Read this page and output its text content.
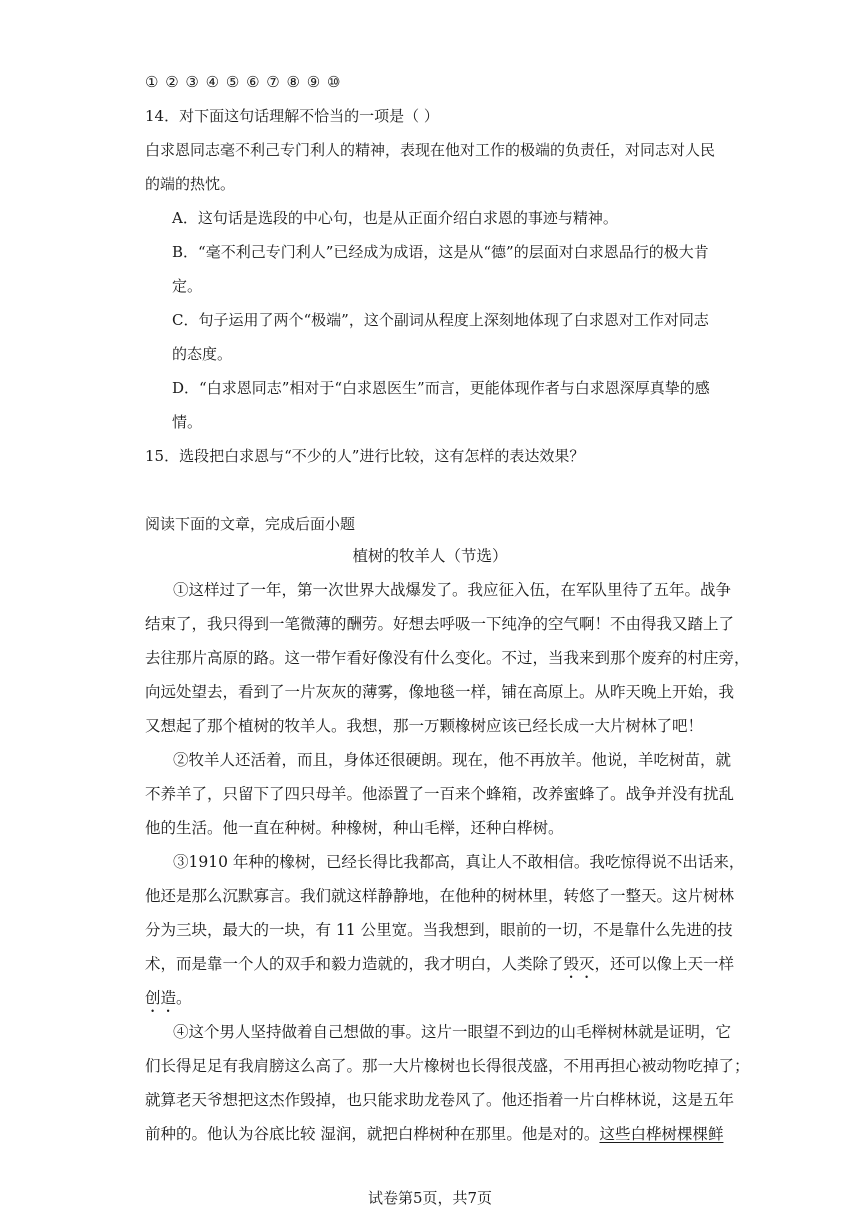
① ② ③ ④ ⑤ ⑥ ⑦ ⑧ ⑨ ⑩
14．对下面这句话理解不恰当的一项是（ ）
白求恩同志毫不利己专门利人的精神，表现在他对工作的极端的负责任，对同志对人民
的端的热忱。
A．这句话是选段的中心句，也是从正面介绍白求恩的事迹与精神。
B．“毫不利己专门利人”已经成为成语，这是从“德”的层面对白求恩品行的极大肯
定。
C．句子运用了两个“极端”，这个副词从程度上深刻地体现了白求恩对工作对同志
的态度。
D．“白求恩同志”相对于“白求恩医生”而言，更能体现作者与白求恩深厚真挚的感
情。
15．选段把白求恩与“不少的人”进行比较，这有怎样的表达效果？
阅读下面的文章，完成后面小题
植树的牧羊人（节选）
①这样过了一年，第一次世界大战爆发了。我应征入伍，在军队里待了五年。战争
结束了，我只得到一笔微薄的酬劳。好想去呼吸一下纯净的空气啊！不由得我又踏上了
去往那片高原的路。这一带乍看好像没有什么变化。不过，当我来到那个废弃的村庄旁，
向远处望去，看到了一片灰灰的薄雾，像地毯一样，铺在高原上。从昨天晚上开始，我
又想起了那个植树的牧羊人。我想，那一万颗橡树应该已经长成一大片树林了吧！
②牧羊人还活着，而且，身体还很硬朗。现在，他不再放羊。他说，羊吃树苗，就
不养羊了，只留下了四只母羊。他添置了一百来个蜂箱，改养蜜蜂了。战争并没有扰乱
他的生活。他一直在种树。种橡树，种山毛榉，还种白桦树。
③1910 年种的橡树，已经长得比我都高，真让人不敢相信。我吃惊得说不出话来，
他还是那么沉默寡言。我们就这样静静地，在他种的树林里，转悠了一整天。这片树林
分为三块，最大的一块，有 11 公里宽。当我想到，眼前的一切，不是靠什么先进的技
术，而是靠一个人的双手和毅力造就的，我才明白，人类除了毁灭，还可以像上天一样
创造。
④这个男人坚持做着自己想做的事。这片一眼望不到边的山毛榉树林就是证明，它
们长得足足有我肩膀这么高了。那一大片橡树也长得很茂盛，不用再担心被动物吃掉了；
就算老天爷想把这杰作毁掉，也只能求助龙卷风了。他还指着一片白桦林说，这是五年
前种的。他认为谷底比较 湿润，就把白桦树种在那里。他是对的。这些白桦树棵棵鲜
试卷第5页，共7页
